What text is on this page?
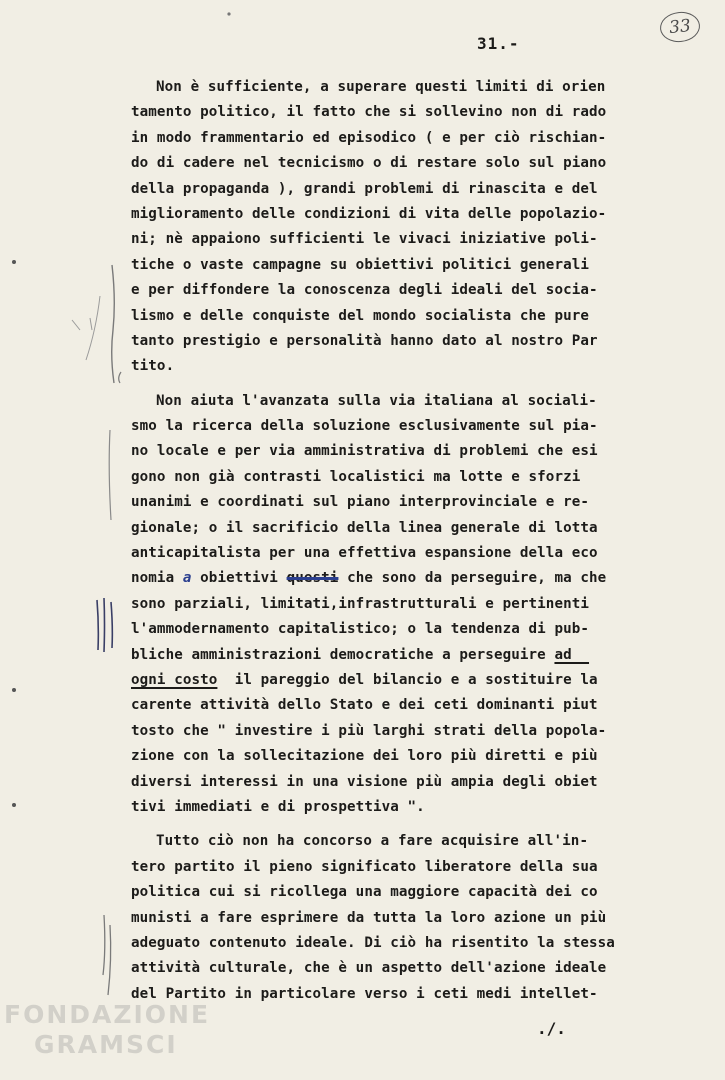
31.-
33
Non è sufficiente, a superare questi limiti di orien
tamento politico, il fatto che si sollevino non di rado
in modo frammentario ed episodico ( e per ciò rischian-
do di cadere nel tecnicismo o di restare solo sul piano
della propaganda ), grandi problemi di rinascita e del
miglioramento delle condizioni di vita delle popolazio-
ni; nè appaiono sufficienti le vivaci iniziative poli-
tiche o vaste campagne su obiettivi politici generali
e per diffondere la conoscenza degli ideali del socia-
lismo e delle conquiste del mondo socialista che pure
tanto prestigio e personalità hanno dato al nostro Par
tito.
Non aiuta l'avanzata sulla via italiana al sociali-
smo la ricerca della soluzione esclusivamente sul pia-
no locale e per via amministrativa di problemi che esi
gono non già contrasti localistici ma lotte e sforzi
unanimi e coordinati sul piano interprovinciale e re-
gionale; o il sacrificio della linea generale di lotta
anticapitalista per una effettiva espansione della eco
nomia a obiettivi questi che sono da perseguire, ma che
sono parziali, limitati,infrastrutturali e pertinenti
l'ammodernamento capitalistico; o la tendenza di pub-
bliche amministrazioni democratiche a perseguire ad
ogni costo  il pareggio del bilancio e a sostituire la
carente attività dello Stato e dei ceti dominanti piut
tosto che " investire i più larghi strati della popola-
zione con la sollecitazione dei loro più diretti e più
diversi interessi in una visione più ampia degli obiet
tivi immediati e di prospettiva ".
Tutto ciò non ha concorso a fare acquisire all'in-
tero partito il pieno significato liberatore della sua
politica cui si ricollega una maggiore capacità dei co
munisti a fare esprimere da tutta la loro azione un più
adeguato contenuto ideale. Di ciò ha risentito la stessa
attività culturale, che è un aspetto dell'azione ideale
del Partito in particolare verso i ceti medi intellet-
FONDAZIONE
GRAMSCI
./.
